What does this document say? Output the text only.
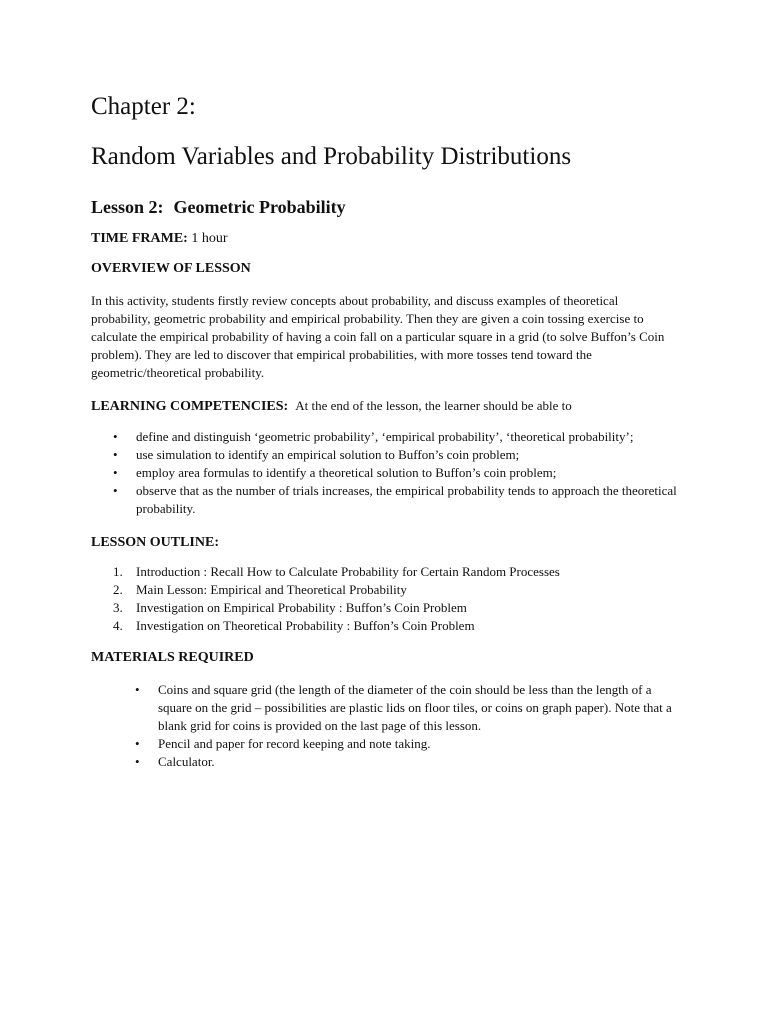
Chapter 2:
Random Variables and Probability Distributions
Lesson 2: Geometric Probability

TIME FRAME: 1 hour

OVERVIEW OF LESSON

In this activity, students firstly review concepts about probability, and discuss examples of theoretical probability, geometric probability and empirical probability. Then they are given a coin tossing exercise to calculate the empirical probability of having a coin fall on a particular square in a grid (to solve Buffon’s Coin problem). They are led to discover that empirical probabilities, with more tosses tend toward the geometric/theoretical probability.

LEARNING COMPETENCIES: At the end of the lesson, the learner should be able to

• define and distinguish ‘geometric probability’, ‘empirical probability’, ‘theoretical probability’;
• use simulation to identify an empirical solution to Buffon’s coin problem;
• employ area formulas to identify a theoretical solution to Buffon’s coin problem;
• observe that as the number of trials increases, the empirical probability tends to approach the theoretical probability.

LESSON OUTLINE:

1. Introduction : Recall How to Calculate Probability for Certain Random Processes
2. Main Lesson: Empirical and Theoretical Probability
3. Investigation on Empirical Probability : Buffon’s Coin Problem
4. Investigation on Theoretical Probability : Buffon’s Coin Problem

MATERIALS REQUIRED

• Coins and square grid (the length of the diameter of the coin should be less than the length of a square on the grid – possibilities are plastic lids on floor tiles, or coins on graph paper). Note that a blank grid for coins is provided on the last page of this lesson.
• Pencil and paper for record keeping and note taking.
• Calculator.
